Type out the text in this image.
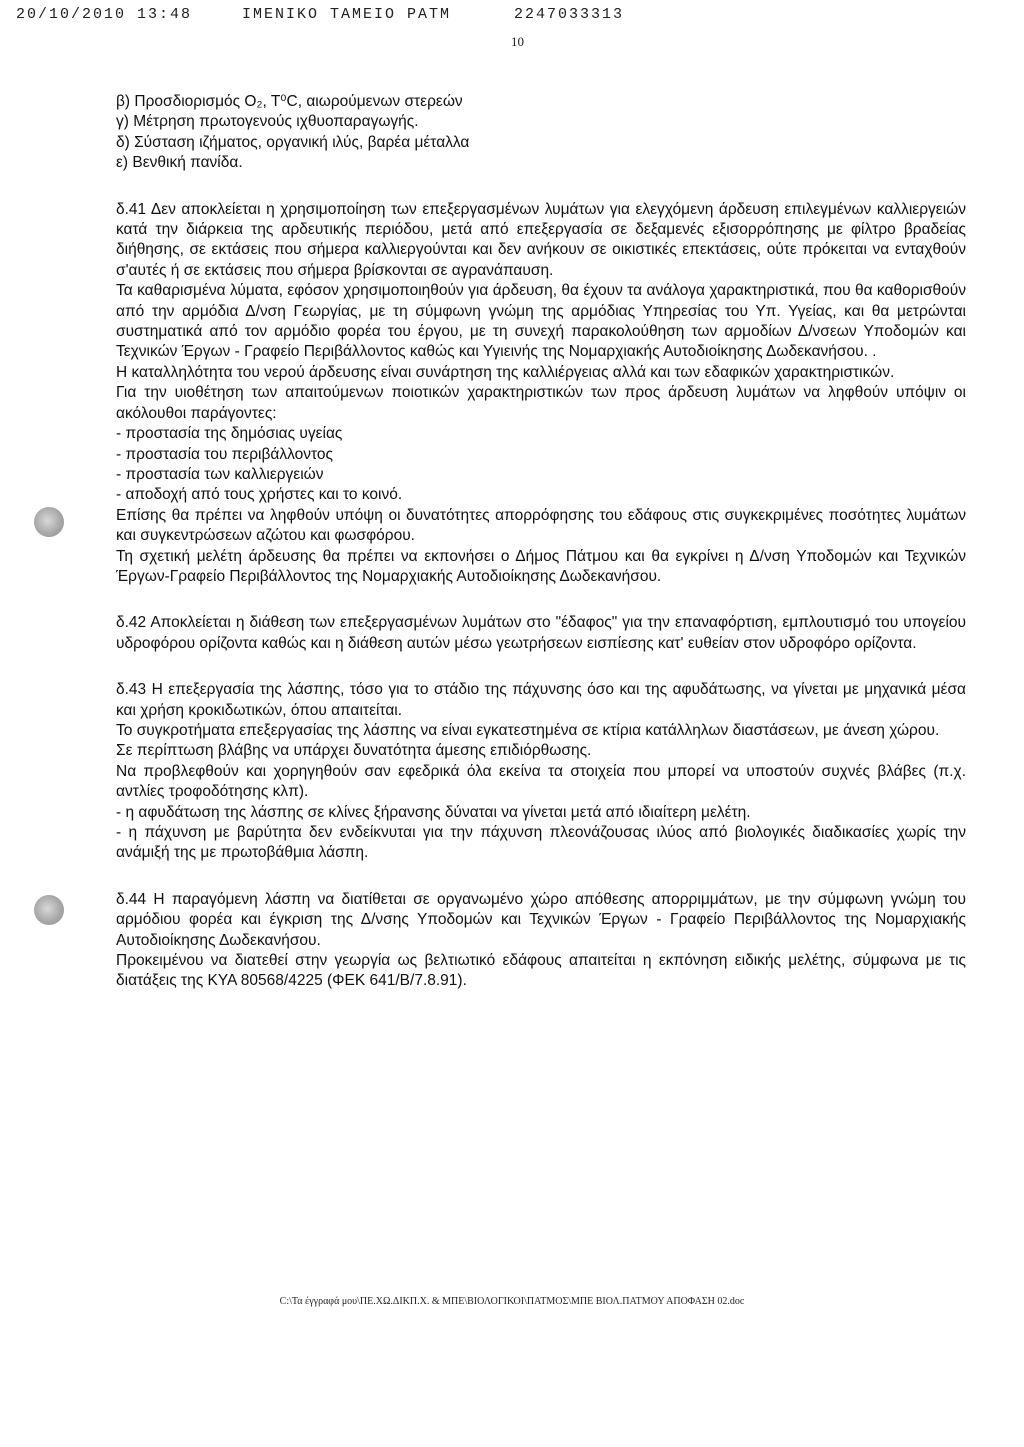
20/10/2010 13:48	IMENIKO TAMEIO PATM	2247033313
10

β) Προσδιορισμός O₂, T⁰C, αιωρούμενων στερεών

γ) Μέτρηση πρωτογενούς ιχθυοπαραγωγής.

δ) Σύσταση ιζήματος, οργανική ιλύς, βαρέα μέταλλα

ε) Βενθική πανίδα.

δ.41 Δεν αποκλείεται η χρησιμοποίηση των επεξεργασμένων λυμάτων για ελεγχόμενη άρδευση επιλεγμένων καλλιεργειών κατά την διάρκεια της αρδευτικής περιόδου, μετά από επεξεργασία σε δεξαμενές εξισορρόπησης με φίλτρο βραδείας διήθησης, σε εκτάσεις που σήμερα καλλιεργούνται και δεν ανήκουν σε οικιστικές επεκτάσεις, ούτε πρόκειται να ενταχθούν σ'αυτές ή σε εκτάσεις που σήμερα βρίσκονται σε αγρανάπαυση.

Τα καθαρισμένα λύματα, εφόσον χρησιμοποιηθούν για άρδευση, θα έχουν τα ανάλογα χαρακτηριστικά, που θα καθορισθούν από την αρμόδια Δ/νση Γεωργίας, με τη σύμφωνη γνώμη της αρμόδιας Υπηρεσίας του Υπ. Υγείας, και θα μετρώνται συστηματικά από τον αρμόδιο φορέα του έργου, με τη συνεχή παρακολούθηση των αρμοδίων Δ/νσεων Υποδομών και Τεχνικών Έργων - Γραφείο Περιβάλλοντος καθώς και Υγιεινής της Νομαρχιακής Αυτοδιοίκησης Δωδεκανήσου. .

Η καταλληλότητα του νερού άρδευσης είναι συνάρτηση της καλλιέργειας αλλά και των εδαφικών χαρακτηριστικών.

Για την υιοθέτηση των απαιτούμενων ποιοτικών χαρακτηριστικών των προς άρδευση λυμάτων να ληφθούν υπόψιν οι ακόλουθοι παράγοντες:

- προστασία της δημόσιας υγείας

- προστασία του περιβάλλοντος

- προστασία των καλλιεργειών

- αποδοχή από τους χρήστες και το κοινό.

Επίσης θα πρέπει να ληφθούν υπόψη οι δυνατότητες απορρόφησης του εδάφους στις συγκεκριμένες ποσότητες λυμάτων και συγκεντρώσεων αζώτου και φωσφόρου.

Τη σχετική μελέτη άρδευσης θα πρέπει να εκπονήσει ο Δήμος Πάτμου και θα εγκρίνει η Δ/νση Υποδομών και Τεχνικών Έργων-Γραφείο Περιβάλλοντος της Νομαρχιακής Αυτοδιοίκησης Δωδεκανήσου.

δ.42 Αποκλείεται η διάθεση των επεξεργασμένων λυμάτων στο "έδαφος" για την επαναφόρτιση, εμπλουτισμό του υπογείου υδροφόρου ορίζοντα καθώς και η διάθεση αυτών μέσω γεωτρήσεων εισπίεσης κατ' ευθείαν στον υδροφόρο ορίζοντα.

δ.43 Η επεξεργασία της λάσπης, τόσο για το στάδιο της πάχυνσης όσο και της αφυδάτωσης, να γίνεται με μηχανικά μέσα και χρήση κροκιδωτικών, όπου απαιτείται.

Το συγκροτήματα επεξεργασίας της λάσπης να είναι εγκατεστημένα σε κτίρια κατάλληλων διαστάσεων, με άνεση χώρου.

Σε περίπτωση βλάβης να υπάρχει δυνατότητα άμεσης επιδιόρθωσης.

Να προβλεφθούν και χορηγηθούν σαν εφεδρικά όλα εκείνα τα στοιχεία που μπορεί να υποστούν συχνές βλάβες (π.χ. αντλίες τροφοδότησης κλπ).

- η αφυδάτωση της λάσπης σε κλίνες ξήρανσης δύναται να γίνεται μετά από ιδιαίτερη μελέτη.

- η πάχυνση με βαρύτητα δεν ενδείκνυται για την πάχυνση πλεονάζουσας ιλύος από βιολογικές διαδικασίες χωρίς την ανάμιξή της με πρωτοβάθμια λάσπη.

δ.44 Η παραγόμενη λάσπη να διατίθεται σε οργανωμένο χώρο απόθεσης απορριμμάτων, με την σύμφωνη γνώμη του αρμόδιου φορέα και έγκριση της Δ/νσης Υποδομών και Τεχνικών Έργων - Γραφείο Περιβάλλοντος της Νομαρχιακής Αυτοδιοίκησης Δωδεκανήσου.

Προκειμένου να διατεθεί στην γεωργία ως βελτιωτικό εδάφους απαιτείται η εκπόνηση ειδικής μελέτης, σύμφωνα με τις διατάξεις της ΚΥΑ 80568/4225 (ΦΕΚ 641/Β/7.8.91).

C:\Τα έγγραφά μου\ΠΕ.ΧΩ.ΔΙΚΠ.Χ. & ΜΠΕ\ΒΙΟΛΟΓΙΚΟΙ\ΠΑΤΜΟΣ\ΜΠΕ ΒΙΟΛ.ΠΑΤΜΟΥ ΑΠΟΦΑΣΗ 02.doc
